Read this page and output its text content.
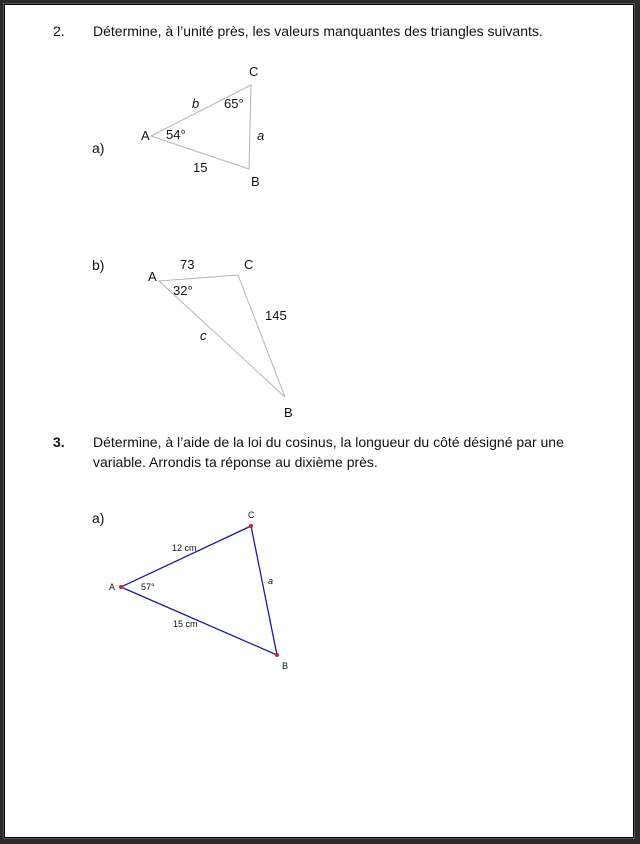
2. Détermine, à l’unité près, les valeurs manquantes des triangles suivants.
a)
b)
3. Détermine, à l’aide de la loi du cosinus, la longueur du côté désigné par une
variable. Arrondis ta réponse au dixième près.
a)
A
C
B
54°
65°
b
a
15
A
C
B
32°
73
145
c
A
C
B
57°
12 cm
15 cm
a
